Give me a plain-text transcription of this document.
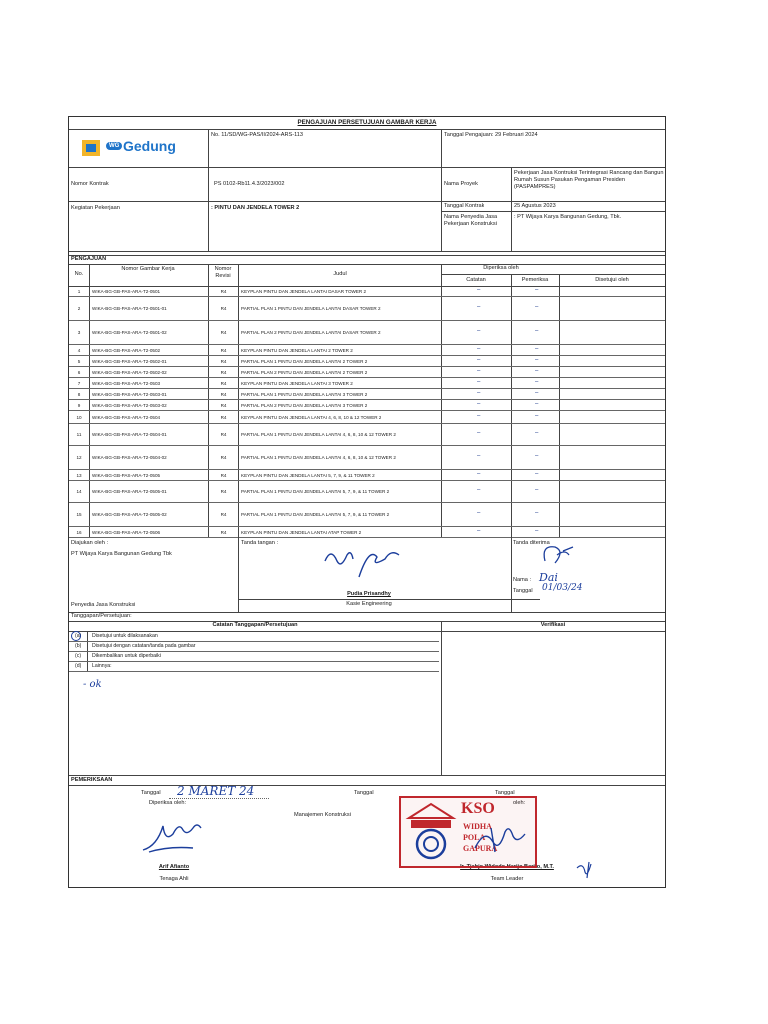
PENGAJUAN PERSETUJUAN GAMBAR KERJA
WG Gedung
No. 11/SD/WG-PAS/II/2024-ARS-113	Tanggal Pengajuan: 29 Februari 2024
Nomor Kontrak	PS 0102-Rb11.4.3/2023/002	Nama Proyek
Pekerjaan Jasa Kontruksi Terintegrasi Rancang dan Bangun Rumah Susun Pasukan Pengaman Presiden (PASPAMPRES)
Kegiatan Pekerjaan	: PINTU DAN JENDELA TOWER 2	Tanggal Kontrak	25 Agustus 2023
Nama Penyedia Jasa Pekerjaan Konstruksi
: PT Wijaya Karya Bangunan Gedung, Tbk.
PENGAJUAN
No.
Nomor Gambar Kerja	Nomor Revisi	Judul
Diperiksa oleh
Catatan	Pemeriksa	Disetujui oleh
1	WIKA-BG-GB-PAS-ARA-T2-0501	R4	KEYPLAN PINTU DAN JENDELA LANTAI DASAR TOWER 2	–	–
2	WIKA-BG-GB-PAS-ARA-T2-0501-01	R4	PARTIAL PLAN 1 PINTU DAN JENDELA LANTAI DASAR TOWER 2	–	–
3	WIKA-BG-GB-PAS-ARA-T2-0501-02	R4	PARTIAL PLAN 2 PINTU DAN JENDELA LANTAI DASAR TOWER 2	–	–
4	WIKA-BG-GB-PAS-ARA-T2-0502	R4	KEYPLAN PINTU DAN JENDELA LANTAI 2 TOWER 2	–	–
5	WIKA-BG-GB-PAS-ARA-T2-0502-01	R4	PARTIAL PLAN 1 PINTU DAN JENDELA LANTAI 2 TOWER 2	–	–
6	WIKA-BG-GB-PAS-ARA-T2-0502-02	R4	PARTIAL PLAN 2 PINTU DAN JENDELA LANTAI 2 TOWER 2	–	–
7	WIKA-BG-GB-PAS-ARA-T2-0503	R4	KEYPLAN PINTU DAN JENDELA LANTAI 3 TOWER 2	–	–
8	WIKA-BG-GB-PAS-ARA-T2-0503-01	R4	PARTIAL PLAN 1 PINTU DAN JENDELA LANTAI 3 TOWER 2	–	–
9	WIKA-BG-GB-PAS-ARA-T2-0503-02	R4	PARTIAL PLAN 2 PINTU DAN JENDELA LANTAI 3 TOWER 2	–	–
10	WIKA-BG-GB-PAS-ARA-T2-0504	R4	KEYPLAN PINTU DAN JENDELA LANTAI 4, 6, 8, 10 & 12 TOWER 2	–	–
11	WIKA-BG-GB-PAS-ARA-T2-0504-01	R4	PARTIAL PLAN 1 PINTU DAN JENDELA LANTAI 4, 6, 8, 10 & 12 TOWER 2	–	–
12	WIKA-BG-GB-PAS-ARA-T2-0504-02	R4	PARTIAL PLAN 1 PINTU DAN JENDELA LANTAI 4, 6, 8, 10 & 12 TOWER 2	–	–
13	WIKA-BG-GB-PAS-ARA-T2-0505	R4	KEYPLAN PINTU DAN JENDELA LANTAI 5, 7, 9, & 11 TOWER 2	–	–
14	WIKA-BG-GB-PAS-ARA-T2-0505-01	R4	PARTIAL PLAN 1 PINTU DAN JENDELA LANTAI 5, 7, 9, & 11 TOWER 2	–	–
15	WIKA-BG-GB-PAS-ARA-T2-0505-02	R4	PARTIAL PLAN 1 PINTU DAN JENDELA LANTAI 5, 7, 9, & 11 TOWER 2	–	–
16	WIKA-BG-GB-PAS-ARA-T2-0506	R4	KEYPLAN PINTU DAN JENDELA LANTAI ATAP TOWER 2	–	–
Diajukan oleh :
PT Wijaya Karya Bangunan Gedung Tbk
Penyedia Jasa Konstruksi
Tanda tangan :
Pudia Prisandhy
Kasie Engineering
Tanda diterima
Nama : Dai
Tanggal 01/03/24
Tanggapan/Persetujuan:
Catatan Tanggapan/Persetujuan	Verifikasi
(a) Disetujui untuk dilaksanakan
(b) Disetujui dengan catatan/tanda pada gambar
(c) Dikembalikan untuk diperbaiki
(d) Lainnya:
- ok
PEMERIKSAAN
Tanggal 2 MARET 24	Tanggal	Tanggal
Diperiksa oleh:	oleh:
Manajemen Konstruksi
Arif Afianto
Tenaga Ahli
Ir. Tjahjo Widodo Harijo Barito, M.T.
Team Leader
KSO
WIDHA
POLA
GAPURA
